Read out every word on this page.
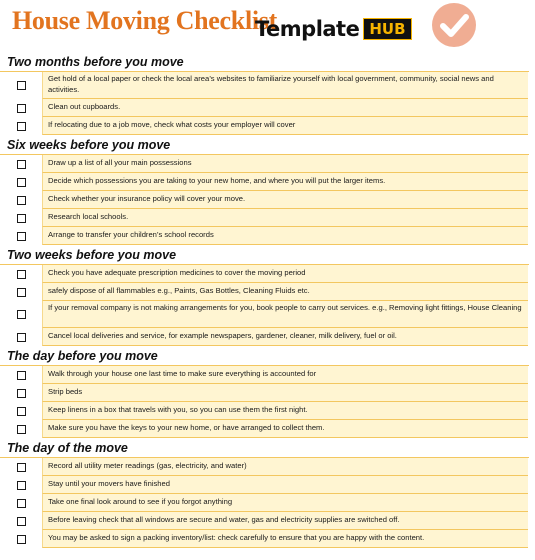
House Moving Checklist
Template HUB
Two months before you move
Get hold of a local paper or check the local area’s websites to familiarize yourself with local government, community, social news and activities.
Clean out cupboards.
If relocating due to a job move, check what costs your employer will cover
Six weeks before you move
Draw up a list of all your main possessions
Decide which possessions you are taking to your new home, and where you will put the larger items.
Check whether your insurance policy will cover your move.
Research local schools.
Arrange to transfer your children’s school records
Two weeks before you move
Check you have adequate prescription medicines to cover the moving period
safely dispose of all flammables e.g., Paints, Gas Bottles, Cleaning Fluids etc.
If your removal company is not making arrangements for you, book people to carry out services. e.g., Removing light fittings, House Cleaning
Cancel local deliveries and service, for example newspapers, gardener, cleaner, milk delivery, fuel or oil.
The day before you move
Walk through your house one last time to make sure everything is accounted for
Strip beds
Keep linens in a box that travels with you, so you can use them the first night.
Make sure you have the keys to your new home, or have arranged to collect them.
The day of the move
Record all utility meter readings (gas, electricity, and water)
Stay until your movers have finished
Take one final look around to see if you forgot anything
Before leaving check that all windows are secure and water, gas and electricity supplies are switched off.
You may be asked to sign a packing inventory/list: check carefully to ensure that you are happy with the content.
